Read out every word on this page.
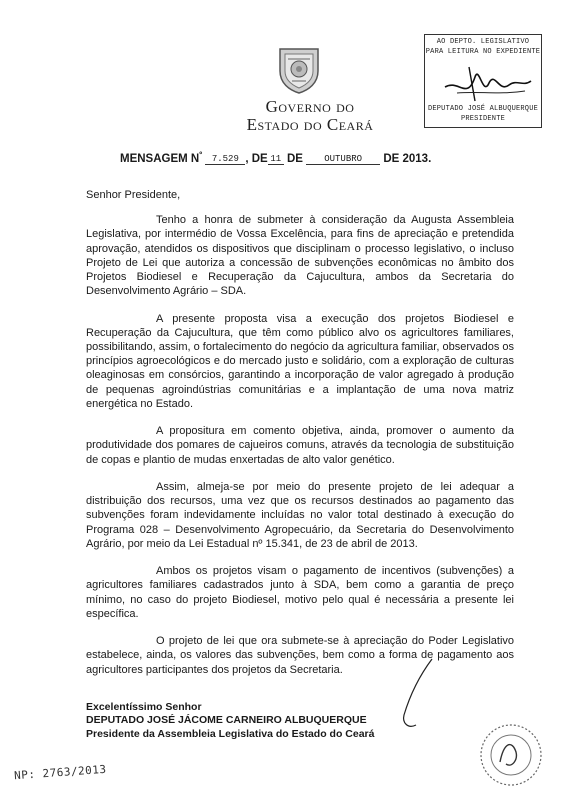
Governo do
Estado do Ceará
AO DEPTO. LEGISLATIVO
PARA LEITURA NO EXPEDIENTE
DEPUTADO JOSÉ ALBUQUERQUE
PRESIDENTE
MENSAGEM $N^º$ 7.529 , DE 11 DE OUTUBRO DE 2013.

Senhor Presidente,

Tenho a honra de submeter à consideração da Augusta Assembleia Legislativa, por intermédio de Vossa Excelência, para fins de apreciação e pretendida aprovação, atendidos os dispositivos que disciplinam o processo legislativo, o incluso Projeto de Lei que autoriza a concessão de subvenções econômicas no âmbito dos Projetos Biodiesel e Recuperação da Cajucultura, ambos da Secretaria do Desenvolvimento Agrário – SDA.

A presente proposta visa a execução dos projetos Biodiesel e Recuperação da Cajucultura, que têm como público alvo os agricultores familiares, possibilitando, assim, o fortalecimento do negócio da agricultura familiar, observados os princípios agroecológicos e do mercado justo e solidário, com a exploração de culturas oleaginosas em consórcios, garantindo a incorporação de valor agregado à produção de pequenas agroindústrias comunitárias e a implantação de uma nova matriz energética no Estado.

A propositura em comento objetiva, ainda, promover o aumento da produtividade dos pomares de cajueiros comuns, através da tecnologia de substituição de copas e plantio de mudas enxertadas de alto valor genético.

Assim, almeja-se por meio do presente projeto de lei adequar a distribuição dos recursos, uma vez que os recursos destinados ao pagamento das subvenções foram indevidamente incluídas no valor total destinado à execução do Programa 028 – Desenvolvimento Agropecuário, da Secretaria do Desenvolvimento Agrário, por meio da Lei Estadual nº 15.341, de 23 de abril de 2013.

Ambos os projetos visam o pagamento de incentivos (subvenções) a agricultores familiares cadastrados junto à SDA, bem como a garantia de preço mínimo, no caso do projeto Biodiesel, motivo pelo qual é necessária a presente lei específica.

O projeto de lei que ora submete-se à apreciação do Poder Legislativo estabelece, ainda, os valores das subvenções, bem como a forma de pagamento aos agricultores participantes dos projetos da Secretaria.

Excelentíssimo Senhor
DEPUTADO JOSÉ JÁCOME CARNEIRO ALBUQUERQUE
Presidente da Assembleia Legislativa do Estado do Ceará
NP: 2763/2013
